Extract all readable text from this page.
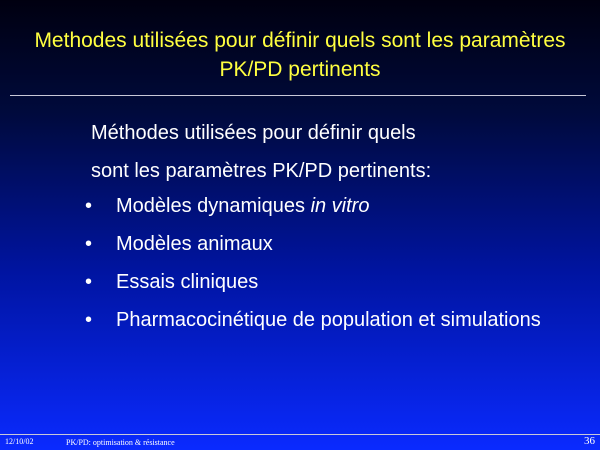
Methodes utilisées pour définir quels sont les paramètres PK/PD pertinents
Méthodes utilisées pour définir quels
sont les paramètres PK/PD pertinents:
• Modèles dynamiques in vitro
• Modèles animaux
• Essais cliniques
• Pharmacocinétique de population et simulations
12/10/02	PK/PD: optimisation & résistance	36
